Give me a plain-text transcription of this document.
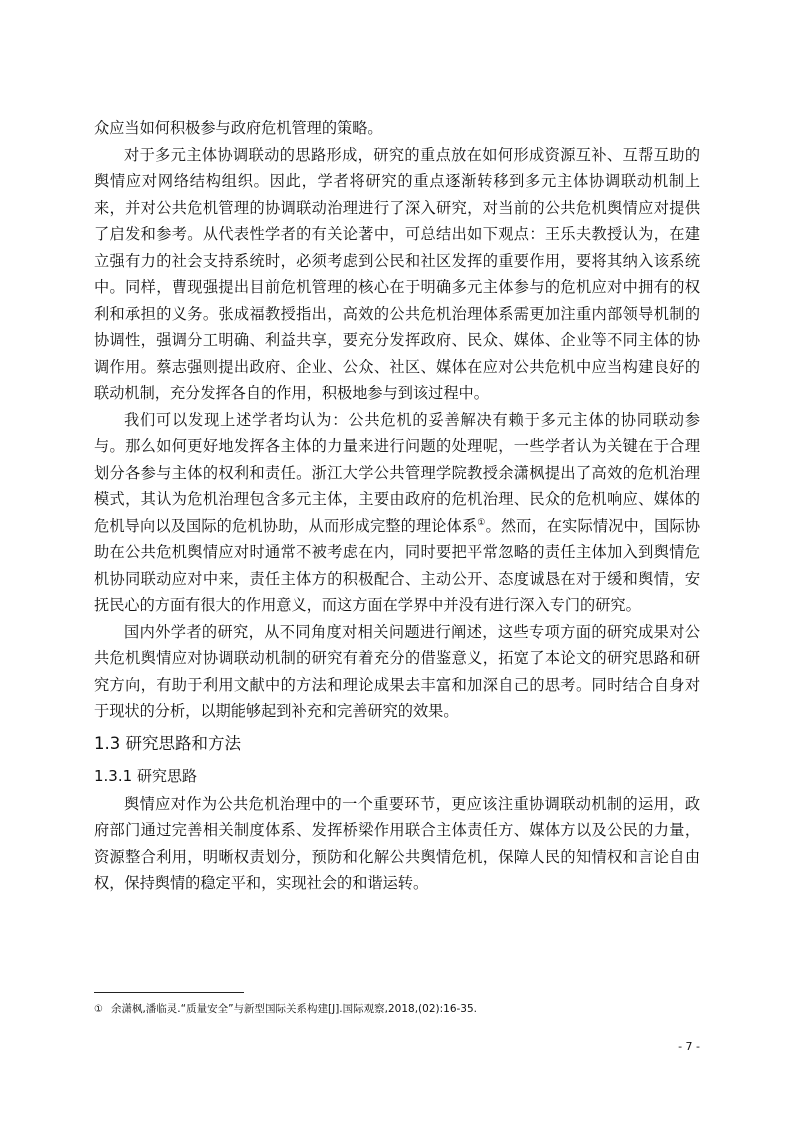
众应当如何积极参与政府危机管理的策略。

对于多元主体协调联动的思路形成，研究的重点放在如何形成资源互补、互帮互助的舆情应对网络结构组织。因此，学者将研究的重点逐渐转移到多元主体协调联动机制上来，并对公共危机管理的协调联动治理进行了深入研究，对当前的公共危机舆情应对提供了启发和参考。从代表性学者的有关论著中，可总结出如下观点：王乐夫教授认为，在建立强有力的社会支持系统时，必须考虑到公民和社区发挥的重要作用，要将其纳入该系统中。同样，曹现强提出目前危机管理的核心在于明确多元主体参与的危机应对中拥有的权利和承担的义务。张成福教授指出，高效的公共危机治理体系需更加注重内部领导机制的协调性，强调分工明确、利益共享，要充分发挥政府、民众、媒体、企业等不同主体的协调作用。蔡志强则提出政府、企业、公众、社区、媒体在应对公共危机中应当构建良好的联动机制，充分发挥各自的作用，积极地参与到该过程中。

我们可以发现上述学者均认为：公共危机的妥善解决有赖于多元主体的协同联动参与。那么如何更好地发挥各主体的力量来进行问题的处理呢，一些学者认为关键在于合理划分各参与主体的权利和责任。浙江大学公共管理学院教授余潇枫提出了高效的危机治理模式，其认为危机治理包含多元主体，主要由政府的危机治理、民众的危机响应、媒体的危机导向以及国际的危机协助，从而形成完整的理论体系①。然而，在实际情况中，国际协助在公共危机舆情应对时通常不被考虑在内，同时要把平常忽略的责任主体加入到舆情危机协同联动应对中来，责任主体方的积极配合、主动公开、态度诚恳在对于缓和舆情，安抚民心的方面有很大的作用意义，而这方面在学界中并没有进行深入专门的研究。

国内外学者的研究，从不同角度对相关问题进行阐述，这些专项方面的研究成果对公共危机舆情应对协调联动机制的研究有着充分的借鉴意义，拓宽了本论文的研究思路和研究方向，有助于利用文献中的方法和理论成果去丰富和加深自己的思考。同时结合自身对于现状的分析，以期能够起到补充和完善研究的效果。

1.3 研究思路和方法
1.3.1 研究思路

舆情应对作为公共危机治理中的一个重要环节，更应该注重协调联动机制的运用，政府部门通过完善相关制度体系、发挥桥梁作用联合主体责任方、媒体方以及公民的力量，资源整合利用，明晰权责划分，预防和化解公共舆情危机，保障人民的知情权和言论自由权，保持舆情的稳定平和，实现社会的和谐运转。

① 余潇枫,潘临灵.“质量安全”与新型国际关系构建[J].国际观察,2018,(02):16-35.
- 7 -
